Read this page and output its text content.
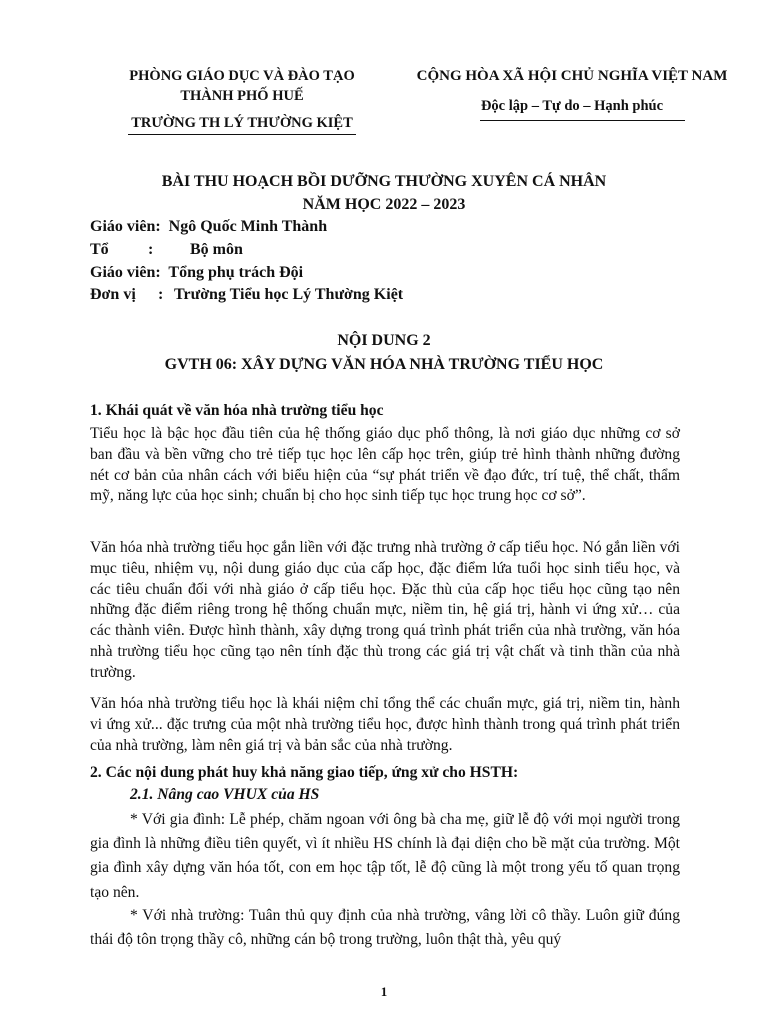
PHÒNG GIÁO DỤC VÀ ĐÀO TẠO
THÀNH PHỐ HUẾ
TRƯỜNG TH LÝ THƯỜNG KIỆT
CỘNG HÒA XÃ HỘI CHỦ NGHĨA VIỆT NAM
Độc lập – Tự do – Hạnh phúc
BÀI THU HOẠCH BỒI DƯỠNG THƯỜNG XUYÊN CÁ NHÂN
NĂM HỌC 2022 – 2023
Giáo viên: Ngô Quốc Minh Thành
Tổ : Bộ môn
Giáo viên: Tổng phụ trách Đội
Đơn vị : Trường Tiểu học Lý Thường Kiệt
NỘI DUNG 2
GVTH 06: XÂY DỰNG VĂN HÓA NHÀ TRƯỜNG TIỂU HỌC
1. Khái quát về văn hóa nhà trường tiểu học

Tiểu học là bậc học đầu tiên của hệ thống giáo dục phổ thông, là nơi giáo dục những cơ sở ban đầu và bền vững cho trẻ tiếp tục học lên cấp học trên, giúp trẻ hình thành những đường nét cơ bản của nhân cách với biểu hiện của “sự phát triển về đạo đức, trí tuệ, thể chất, thẩm mỹ, năng lực của học sinh; chuẩn bị cho học sinh tiếp tục học trung học cơ sở”.

Văn hóa nhà trường tiểu học gắn liền với đặc trưng nhà trường ở cấp tiểu học. Nó gắn liền với mục tiêu, nhiệm vụ, nội dung giáo dục của cấp học, đặc điểm lứa tuổi học sinh tiểu học, và các tiêu chuẩn đối với nhà giáo ở cấp tiểu học. Đặc thù của cấp học tiểu học cũng tạo nên những đặc điểm riêng trong hệ thống chuẩn mực, niềm tin, hệ giá trị, hành vi ứng xử… của các thành viên. Được hình thành, xây dựng trong quá trình phát triển của nhà trường, văn hóa nhà trường tiểu học cũng tạo nên tính đặc thù trong các giá trị vật chất và tinh thần của nhà trường.

Văn hóa nhà trường tiểu học là khái niệm chỉ tổng thể các chuẩn mực, giá trị, niềm tin, hành vi ứng xử... đặc trưng của một nhà trường tiểu học, được hình thành trong quá trình phát triển của nhà trường, làm nên giá trị và bản sắc của nhà trường.

2. Các nội dung phát huy khả năng giao tiếp, ứng xử cho HSTH:
2.1. Nâng cao VHUX của HS

* Với gia đình: Lễ phép, chăm ngoan với ông bà cha mẹ, giữ lễ độ với mọi người trong gia đình là những điều tiên quyết, vì ít nhiều HS chính là đại diện cho bề mặt của trường. Một gia đình xây dựng văn hóa tốt, con em học tập tốt, lễ độ cũng là một trong yếu tố quan trọng tạo nên.

* Với nhà trường: Tuân thủ quy định của nhà trường, vâng lời cô thầy. Luôn giữ đúng thái độ tôn trọng thầy cô, những cán bộ trong trường, luôn thật thà, yêu quý

1
